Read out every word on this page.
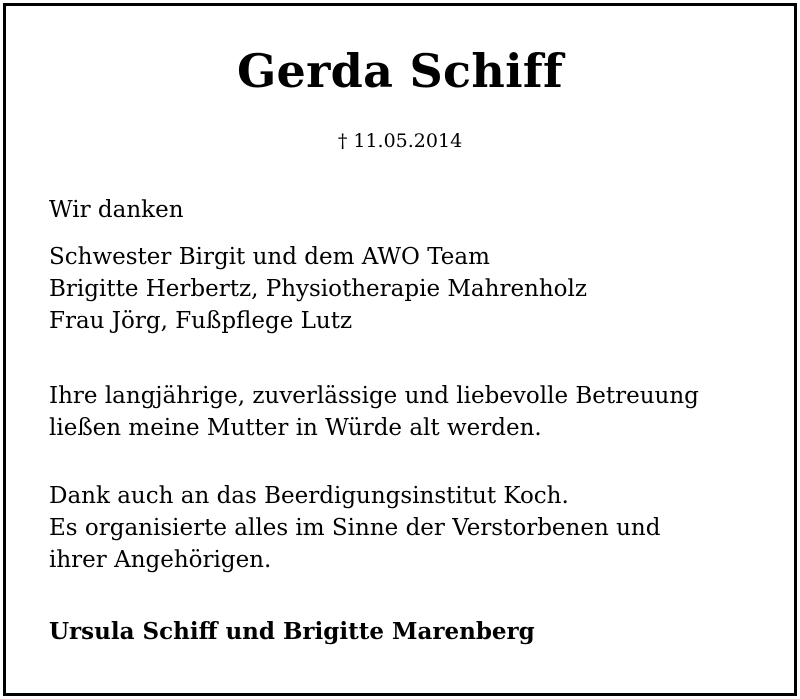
Gerda Schiff
† 11.05.2014
Wir danken
Schwester Birgit und dem AWO Team
Brigitte Herbertz, Physiotherapie Mahrenholz
Frau Jörg, Fußpflege Lutz
Ihre langjährige, zuverlässige und liebevolle Betreuung
ließen meine Mutter in Würde alt werden.
Dank auch an das Beerdigungsinstitut Koch.
Es organisierte alles im Sinne der Verstorbenen und
ihrer Angehörigen.
Ursula Schiff und Brigitte Marenberg
